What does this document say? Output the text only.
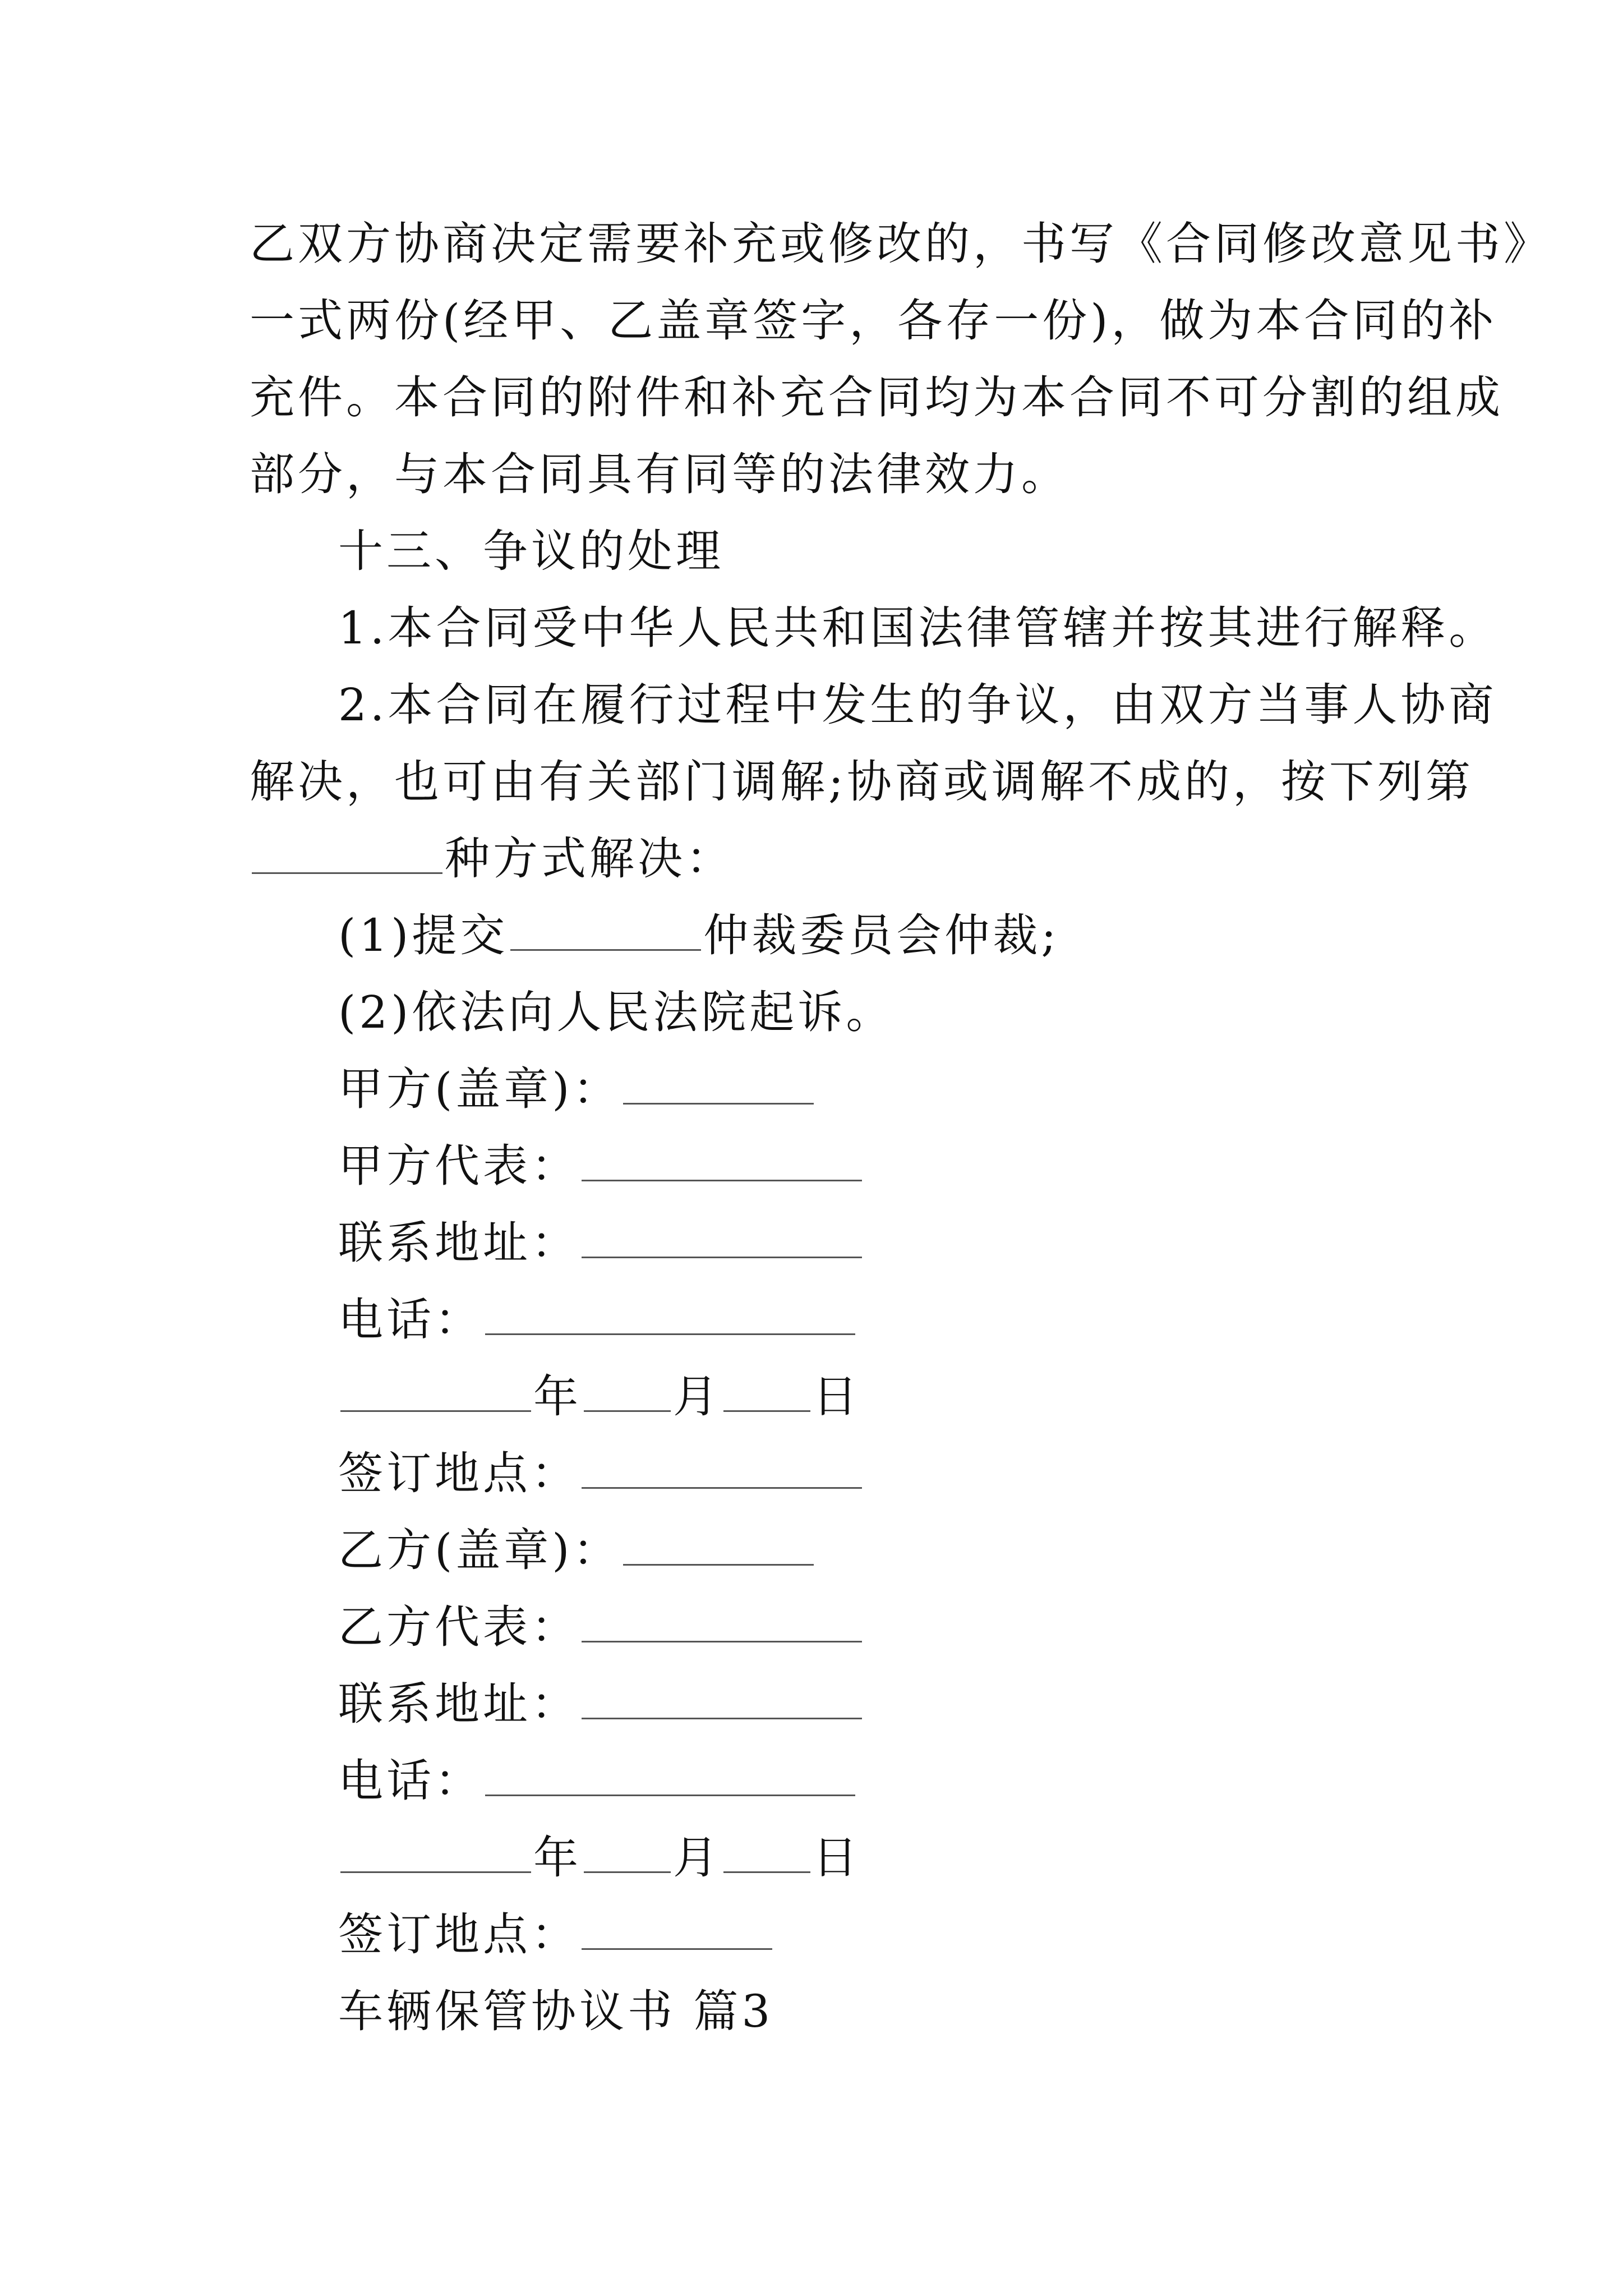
乙双方协商决定需要补充或修改的，书写《合同修改意见书》
一式两份(经甲、乙盖章签字，各存一份)，做为本合同的补
充件。本合同的附件和补充合同均为本合同不可分割的组成
部分，与本合同具有同等的法律效力。
十三、争议的处理
1.本合同受中华人民共和国法律管辖并按其进行解释。
2.本合同在履行过程中发生的争议，由双方当事人协商
解决，也可由有关部门调解;协商或调解不成的，按下列第
种方式解决：
(1)提交	仲裁委员会仲裁;
(2)依法向人民法院起诉。
甲方(盖章)：
甲方代表：
联系地址：
电话：
年 月 日
签订地点：
乙方(盖章)：
乙方代表：
联系地址：
电话：
年 月 日
签订地点：
车辆保管协议书 篇3
